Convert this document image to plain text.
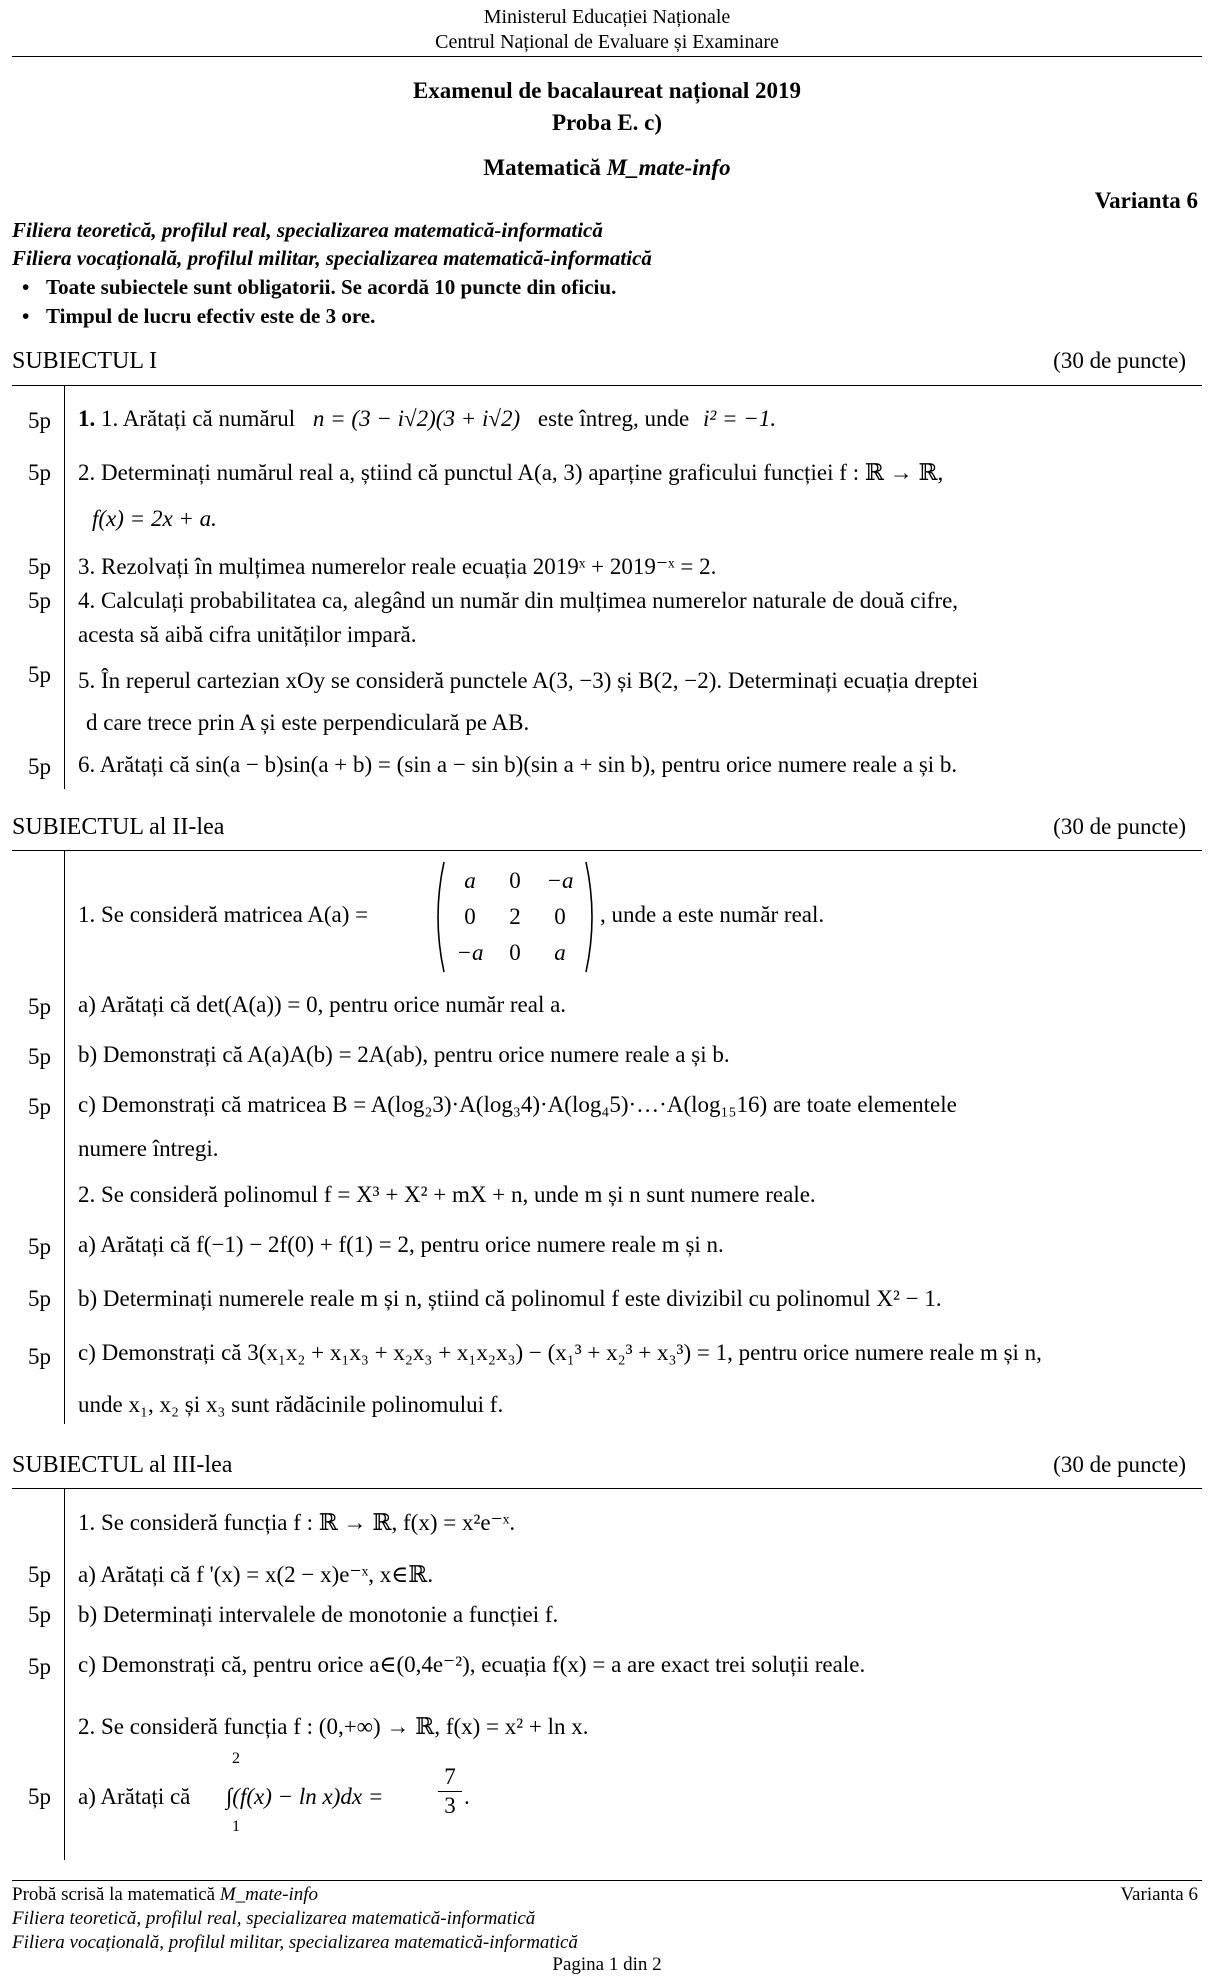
Ministerul Educației Naționale
Centrul Național de Evaluare și Examinare
Examenul de bacalaureat național 2019
Proba E. c)
Matematică M_mate-info
Varianta 6
Filiera teoretică, profilul real, specializarea matematică-informatică
Filiera vocațională, profilul militar, specializarea matematică-informatică
• Toate subiectele sunt obligatorii. Se acordă 10 puncte din oficiu.
• Timpul de lucru efectiv este de 3 ore.
SUBIECTUL I	(30 de puncte)
5p 1. 1. Arătați că numărul n = (3 − i√2)(3 + i√2) este întreg, unde i² = −1.
5p 2. Determinați numărul real a, știind că punctul A(a, 3) aparține graficului funcției f : ℝ → ℝ,
f(x) = 2x + a.
5p 3. Rezolvați în mulțimea numerelor reale ecuația 2019ˣ + 2019⁻ˣ = 2.
5p 4. Calculați probabilitatea ca, alegând un număr din mulțimea numerelor naturale de două cifre,
acesta să aibă cifra unităților impară.
5p 5. În reperul cartezian xOy se consideră punctele A(3, −3) și B(2, −2). Determinați ecuația dreptei
d care trece prin A și este perpendiculară pe AB.
5p 6. Arătați că sin(a − b)sin(a + b) = (sin a − sin b)(sin a + sin b), pentru orice numere reale a și b.
SUBIECTUL al II-lea	(30 de puncte)
1. Se consideră matricea A(a) =
a 0 −a
0 2 0
−a 0 a
, unde a este număr real.
5p a) Arătați că det(A(a)) = 0, pentru orice număr real a.
5p b) Demonstrați că A(a)A(b) = 2A(ab), pentru orice numere reale a și b.
5p c) Demonstrați că matricea B = A(log₂3)·A(log₃4)·A(log₄5)·…·A(log₁₅16) are toate elementele
numere întregi.
2. Se consideră polinomul f = X³ + X² + mX + n, unde m și n sunt numere reale.
5p a) Arătați că f(−1) − 2f(0) + f(1) = 2, pentru orice numere reale m și n.
5p b) Determinați numerele reale m și n, știind că polinomul f este divizibil cu polinomul X² − 1.
5p c) Demonstrați că 3(x₁x₂ + x₁x₃ + x₂x₃ + x₁x₂x₃) − (x₁³ + x₂³ + x₃³) = 1, pentru orice numere reale m și n,
unde x₁, x₂ și x₃ sunt rădăcinile polinomului f.
SUBIECTUL al III-lea	(30 de puncte)
1. Se consideră funcția f : ℝ → ℝ, f(x) = x²e⁻ˣ.
5p a) Arătați că f '(x) = x(2 − x)e⁻ˣ, x∈ℝ.
5p b) Determinați intervalele de monotonie a funcției f.
5p c) Demonstrați că, pentru orice a∈(0,4e⁻²), ecuația f(x) = a are exact trei soluții reale.
2. Se consideră funcția f : (0,+∞) → ℝ, f(x) = x² + ln x.
5p a) Arătați că
2
1
∫(f(x) − ln x)dx =
7
3 .
Probă scrisă la matematică M_mate-info	Varianta 6
Filiera teoretică, profilul real, specializarea matematică-informatică
Filiera vocațională, profilul militar, specializarea matematică-informatică
Pagina 1 din 2
